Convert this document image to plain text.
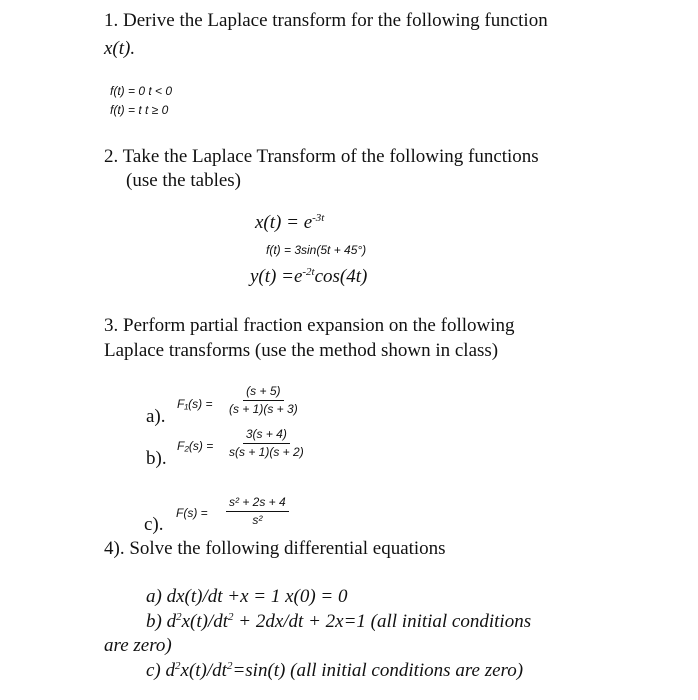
1. Derive the Laplace transform for the following function
x(t).
f(t) = 0 t < 0
f(t) = t t ≥ 0
2. Take the Laplace Transform of the following functions
(use the tables)
$x(t) = e^{-3t}$
f(t) = 3sin(5t + 45°)
$y(t) =e^{-2t}\cos(4t)$
3. Perform partial fraction expansion on the following
Laplace transforms (use the method shown in class)
a).
$F_1(s) = \frac{(s + 5)}{(s + 1)(s + 3)}$
b).
$F_2(s) = \frac{3(s + 4)}{s(s + 1)(s + 2)}$
c).
$F(s) = \frac{\text{s² + 2s + 4}}{\text{s²}}$
4). Solve the following differential equations
a) dx(t)/dt +x = 1 x(0) = 0
b) $d^2x(t)/dt^2 + 2dx/dt + 2x=1$ (all initial conditions
are zero)
c) $d^2x(t)/dt^2=\sin(t)$ (all initial conditions are zero)
